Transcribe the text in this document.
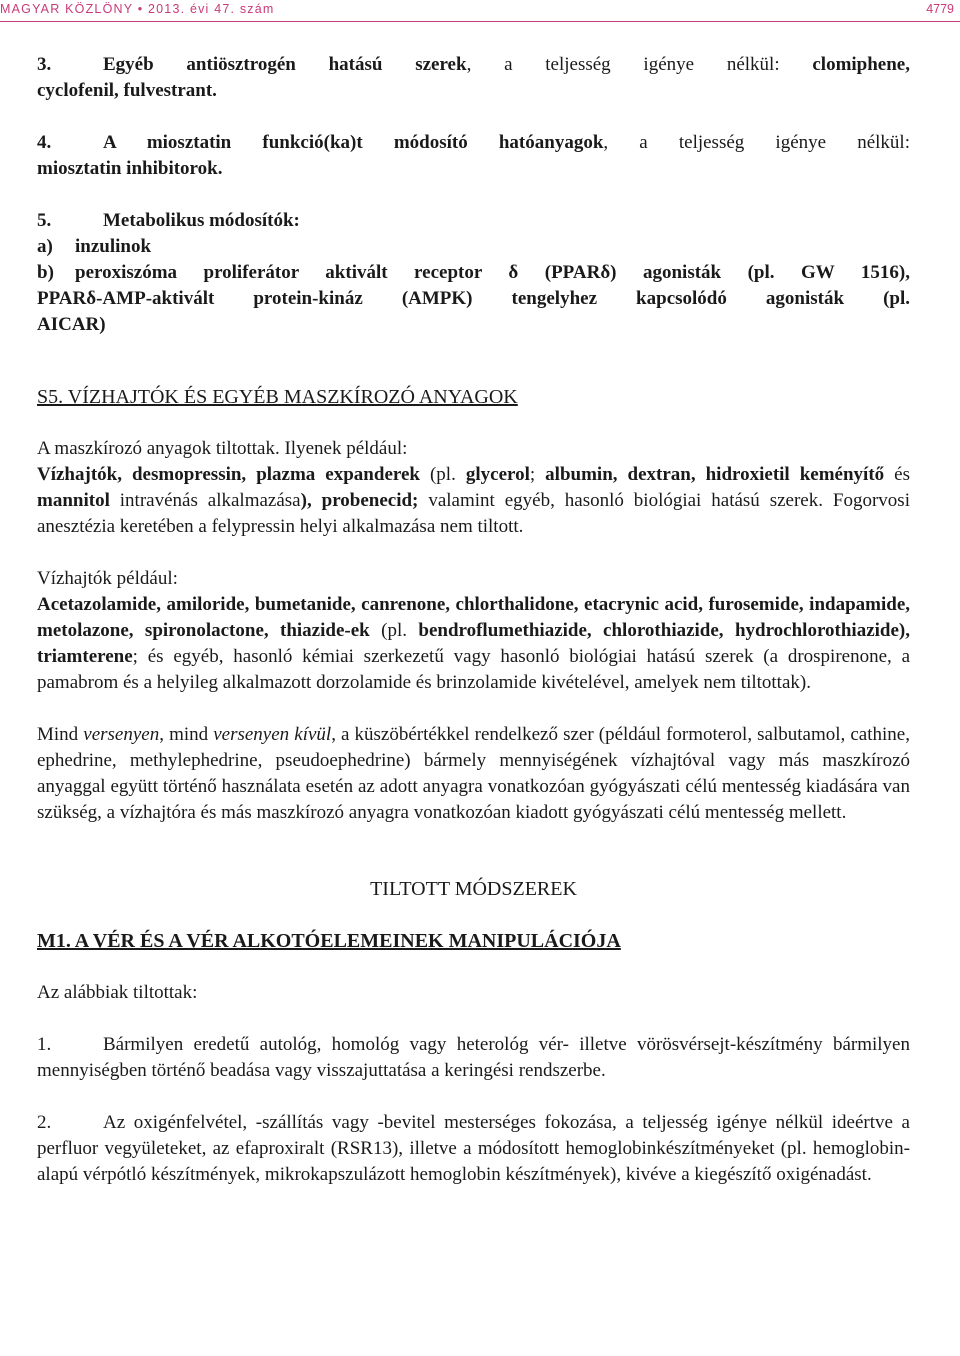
MAGYAR KÖZLÖNY • 2013. évi 47. szám	4779

3.	Egyéb antiösztrogén hatású szerek, a teljesség igénye nélkül: clomiphene,

cyclofenil, fulvestrant.

4.	A miosztatin funkció(ka)t módosító hatóanyagok, a teljesség igénye nélkül:

miosztatin inhibitorok.

5.	Metabolikus módosítók:

a) inzulinok

b) peroxiszóma proliferátor aktivált receptor δ (PPARδ) agonisták (pl. GW 1516),

PPARδ-AMP-aktivált protein-kináz (AMPK) tengelyhez kapcsolódó agonisták (pl.

AICAR)

S5. VÍZHAJTÓK ÉS EGYÉB MASZKÍROZÓ ANYAGOK

A maszkírozó anyagok tiltottak. Ilyenek például:

Vízhajtók, desmopressin, plazma expanderek (pl. glycerol; albumin, dextran, hidroxietil keményítő és mannitol intravénás alkalmazása), probenecid; valamint egyéb, hasonló biológiai hatású szerek. Fogorvosi anesztézia keretében a felypressin helyi alkalmazása nem tiltott.

Vízhajtók például:

Acetazolamide, amiloride, bumetanide, canrenone, chlorthalidone, etacrynic acid, furosemide, indapamide, metolazone, spironolactone, thiazide-ek (pl. bendroflumethiazide, chlorothiazide, hydrochlorothiazide), triamterene; és egyéb, hasonló kémiai szerkezetű vagy hasonló biológiai hatású szerek (a drospirenone, a pamabrom és a helyileg alkalmazott dorzolamide és brinzolamide kivételével, amelyek nem tiltottak).

Mind versenyen, mind versenyen kívül, a küszöbértékkel rendelkező szer (például formoterol, salbutamol, cathine, ephedrine, methylephedrine, pseudoephedrine) bármely mennyiségének vízhajtóval vagy más maszkírozó anyaggal együtt történő használata esetén az adott anyagra vonatkozóan gyógyászati célú mentesség kiadására van szükség, a vízhajtóra és más maszkírozó anyagra vonatkozóan kiadott gyógyászati célú mentesség mellett.

TILTOTT MÓDSZEREK

M1. A VÉR ÉS A VÉR ALKOTÓELEMEINEK MANIPULÁCIÓJA

Az alábbiak tiltottak:

1.	Bármilyen eredetű autológ, homológ vagy heterológ vér- illetve vörösvérsejt-készítmény bármilyen mennyiségben történő beadása vagy visszajuttatása a keringési rendszerbe.

2.	Az oxigénfelvétel, -szállítás vagy -bevitel mesterséges fokozása, a teljesség igénye nélkül ideértve a perfluor vegyületeket, az efaproxiralt (RSR13), illetve a módosított hemoglobinkészítményeket (pl. hemoglobin-alapú vérpótló készítmények, mikrokapszulázott hemoglobin készítmények), kivéve a kiegészítő oxigénadást.
